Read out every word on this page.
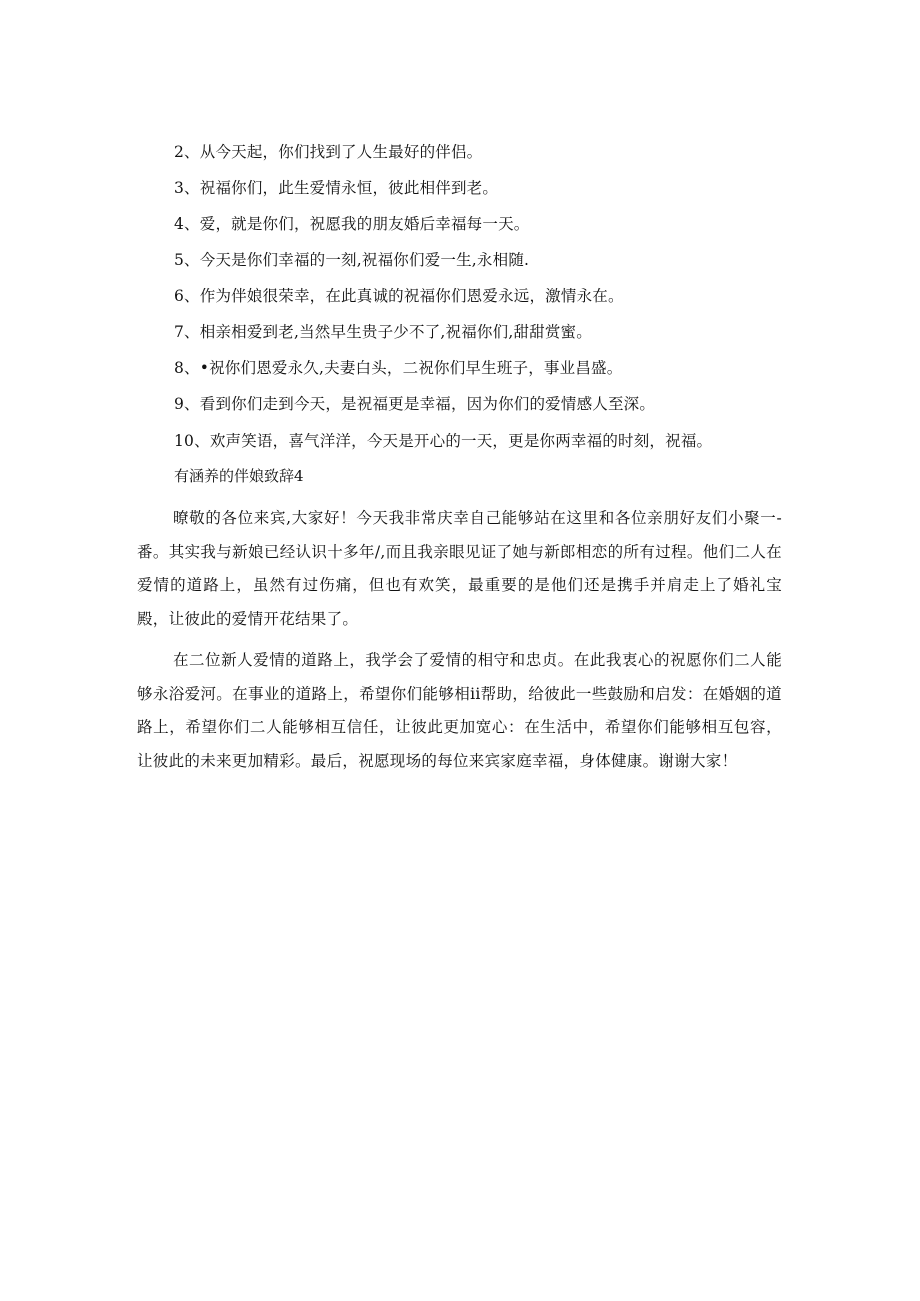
2、从今天起，你们找到了人生最好的伴侣。
3、祝福你们，此生爱情永恒，彼此相伴到老。
4、爱，就是你们，祝愿我的朋友婚后幸福每一天。
5、今天是你们幸福的一刻,祝福你们爱一生,永相随.
6、作为伴娘很荣幸，在此真诚的祝福你们恩爱永远，激情永在。
7、相亲相爱到老,当然早生贵子少不了,祝福你们,甜甜赏蜜。
8、•祝你们恩爱永久,夫妻白头，二祝你们早生班子，事业昌盛。
9、看到你们走到今天，是祝福更是幸福，因为你们的爱情感人至深。
10、欢声笑语，喜气洋洋，今天是开心的一天，更是你两幸福的时刻，祝福。
有涵养的伴娘致辞4

暸敬的各位来宾,大家好！今天我非常庆幸自己能够站在这里和各位亲朋好友们小聚一-番。其实我与新娘已经认识十多年/,而且我亲眼见证了她与新郎相恋的所有过程。他们二人在爱情的道路上，虽然有过伤痛，但也有欢笑，最重要的是他们还是携手并肩走上了婚礼宝殿，让彼此的爱情开花结果了。

在二位新人爱情的道路上，我学会了爱情的相守和忠贞。在此我衷心的祝愿你们二人能够永浴爱河。在事业的道路上，希望你们能够相ii帮助，给彼此一些鼓励和启发：在婚姻的道路上，希望你们二人能够相互信任，让彼此更加宽心：在生活中，希望你们能够相互包容，让彼此的未来更加精彩。最后，祝愿现场的每位来宾家庭幸福，身体健康。谢谢大家！
